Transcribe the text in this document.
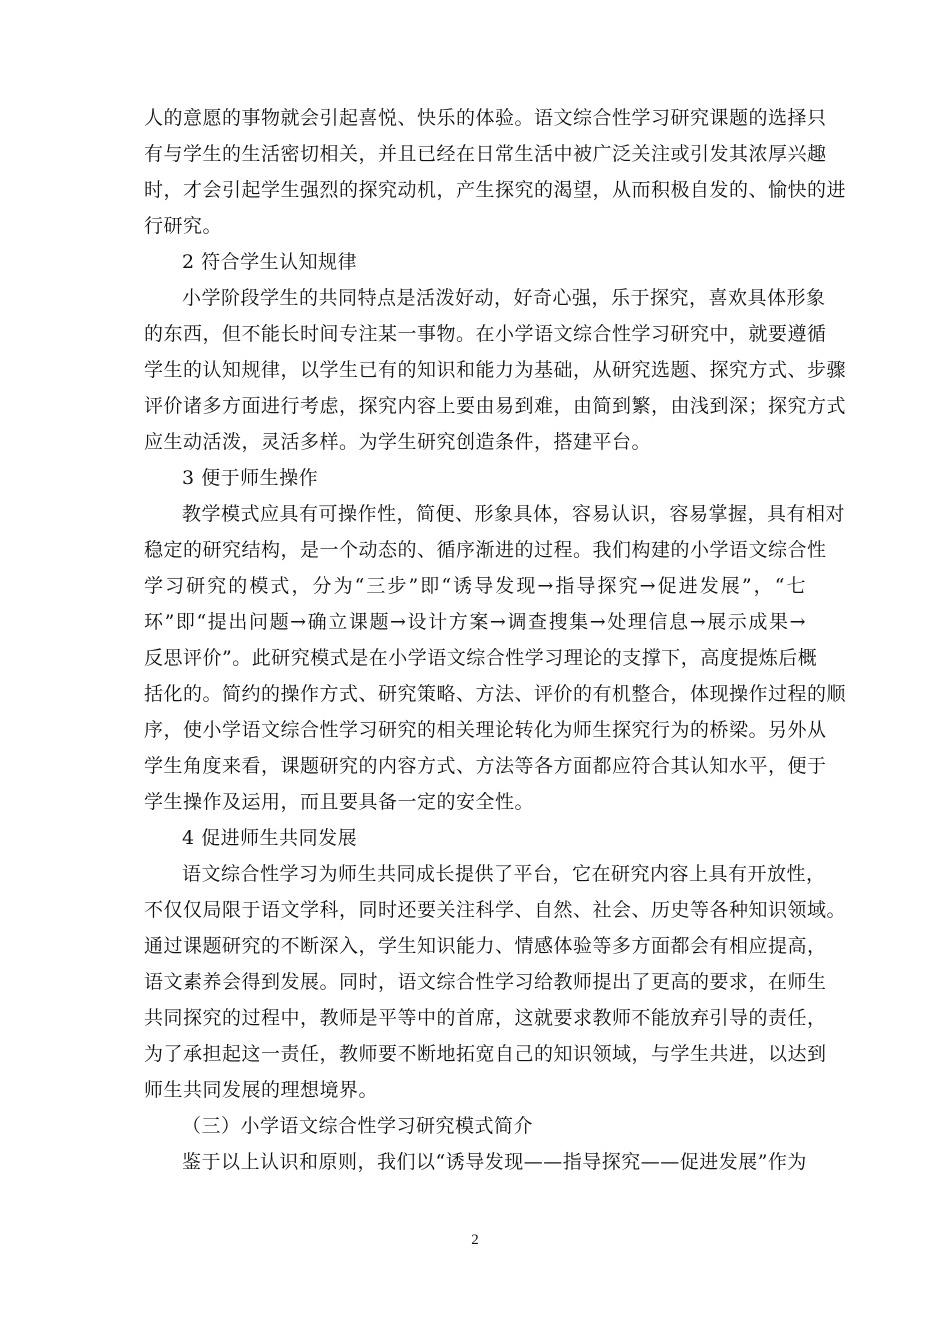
人的意愿的事物就会引起喜悦、快乐的体验。语文综合性学习研究课题的选择只
有与学生的生活密切相关，并且已经在日常生活中被广泛关注或引发其浓厚兴趣
时，才会引起学生强烈的探究动机，产生探究的渴望，从而积极自发的、愉快的进
行研究。
2 符合学生认知规律
小学阶段学生的共同特点是活泼好动，好奇心强，乐于探究，喜欢具体形象
的东西，但不能长时间专注某一事物。在小学语文综合性学习研究中，就要遵循
学生的认知规律，以学生已有的知识和能力为基础，从研究选题、探究方式、步骤
评价诸多方面进行考虑，探究内容上要由易到难，由简到繁，由浅到深；探究方式
应生动活泼，灵活多样。为学生研究创造条件，搭建平台。
3 便于师生操作
教学模式应具有可操作性，简便、形象具体，容易认识，容易掌握，具有相对
稳定的研究结构，是一个动态的、循序渐进的过程。我们构建的小学语文综合性
学习研究的模式，分为“三步”即“诱导发现→指导探究→促进发展”，“七
环”即“提出问题→确立课题→设计方案→调查搜集→处理信息→展示成果→
反思评价”。此研究模式是在小学语文综合性学习理论的支撑下，高度提炼后概
括化的。简约的操作方式、研究策略、方法、评价的有机整合，体现操作过程的顺
序，使小学语文综合性学习研究的相关理论转化为师生探究行为的桥梁。另外从
学生角度来看，课题研究的内容方式、方法等各方面都应符合其认知水平，便于
学生操作及运用，而且要具备一定的安全性。
4 促进师生共同发展
语文综合性学习为师生共同成长提供了平台，它在研究内容上具有开放性，
不仅仅局限于语文学科，同时还要关注科学、自然、社会、历史等各种知识领域。
通过课题研究的不断深入，学生知识能力、情感体验等多方面都会有相应提高，
语文素养会得到发展。同时，语文综合性学习给教师提出了更高的要求，在师生
共同探究的过程中，教师是平等中的首席，这就要求教师不能放弃引导的责任，
为了承担起这一责任，教师要不断地拓宽自己的知识领域，与学生共进，以达到
师生共同发展的理想境界。
（三）小学语文综合性学习研究模式简介
鉴于以上认识和原则，我们以“诱导发现——指导探究——促进发展”作为
2
